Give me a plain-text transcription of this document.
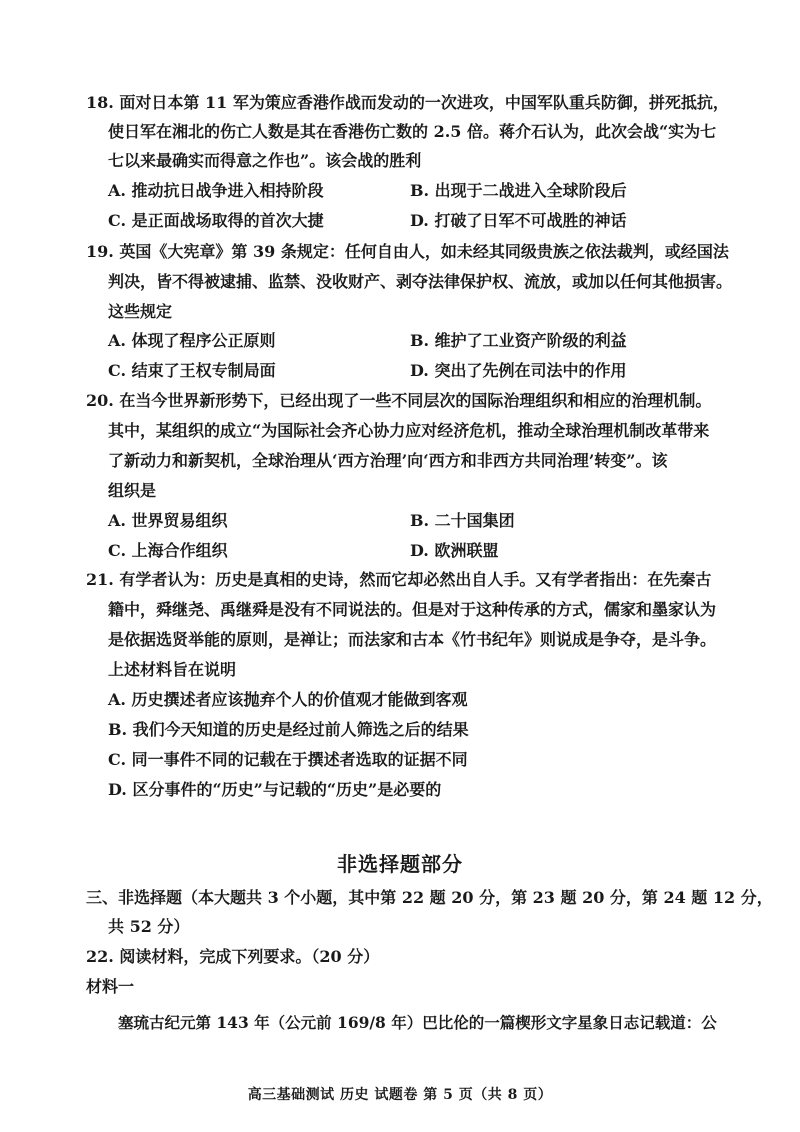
18. 面对日本第 11 军为策应香港作战而发动的一次进攻，中国军队重兵防御，拼死抵抗，
使日军在湘北的伤亡人数是其在香港伤亡数的 2.5 倍。蒋介石认为，此次会战“实为七
七以来最确实而得意之作也”。该会战的胜利
A. 推动抗日战争进入相持阶段	B. 出现于二战进入全球阶段后
C. 是正面战场取得的首次大捷	D. 打破了日军不可战胜的神话
19. 英国《大宪章》第 39 条规定：任何自由人，如未经其同级贵族之依法裁判，或经国法
判决，皆不得被逮捕、监禁、没收财产、剥夺法律保护权、流放，或加以任何其他损害。
这些规定
A. 体现了程序公正原则	B. 维护了工业资产阶级的利益
C. 结束了王权专制局面	D. 突出了先例在司法中的作用
20. 在当今世界新形势下，已经出现了一些不同层次的国际治理组织和相应的治理机制。
其中，某组织的成立“为国际社会齐心协力应对经济危机，推动全球治理机制改革带来
了新动力和新契机，全球治理从‘西方治理’向‘西方和非西方共同治理’转变”。该
组织是
A. 世界贸易组织	B. 二十国集团
C. 上海合作组织	D. 欧洲联盟
21. 有学者认为：历史是真相的史诗，然而它却必然出自人手。又有学者指出：在先秦古
籍中，舜继尧、禹继舜是没有不同说法的。但是对于这种传承的方式，儒家和墨家认为
是依据选贤举能的原则，是禅让；而法家和古本《竹书纪年》则说成是争夺，是斗争。
上述材料旨在说明
A. 历史撰述者应该抛弃个人的价值观才能做到客观
B. 我们今天知道的历史是经过前人筛选之后的结果
C. 同一事件不同的记载在于撰述者选取的证据不同
D. 区分事件的“历史”与记载的“历史”是必要的
非选择题部分
三、非选择题（本大题共 3 个小题，其中第 22 题 20 分，第 23 题 20 分，第 24 题 12 分，
共 52 分）
22. 阅读材料，完成下列要求。（20 分）
材料一
塞琉古纪元第 143 年（公元前 169/8 年）巴比伦的一篇楔形文字星象日志记载道：公
高三基础测试 历史 试题卷 第 5 页（共 8 页）
